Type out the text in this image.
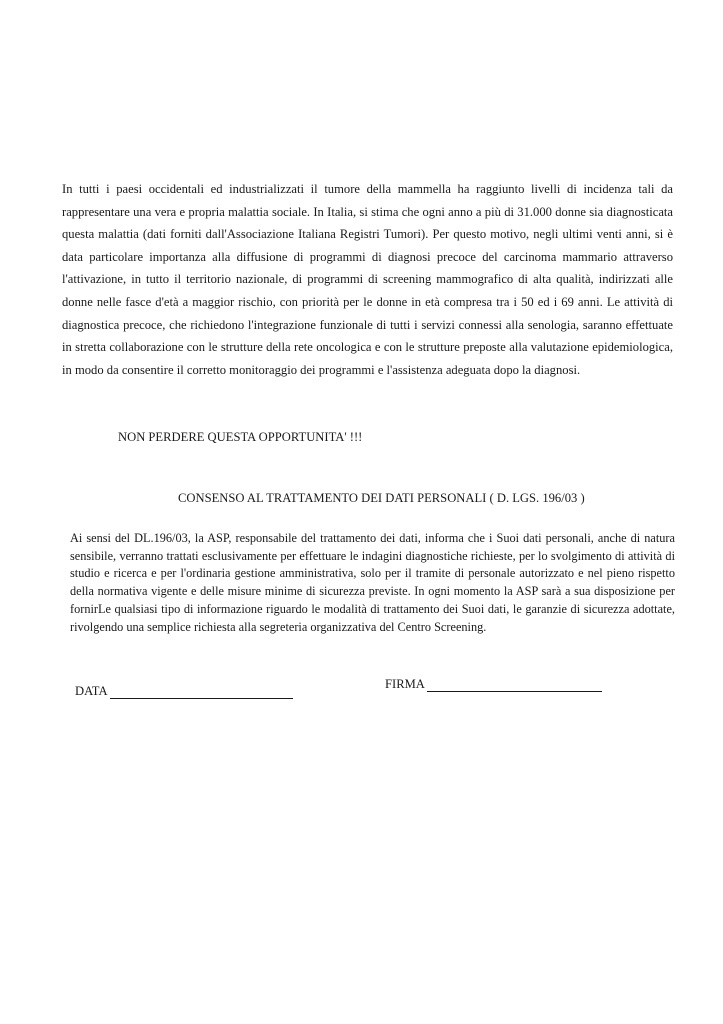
In tutti i paesi occidentali ed industrializzati il tumore della mammella ha raggiunto livelli di incidenza tali da rappresentare una vera e propria malattia sociale. In Italia, si stima che ogni anno a più di 31.000 donne sia diagnosticata questa malattia (dati forniti dall'Associazione Italiana Registri Tumori). Per questo motivo, negli ultimi venti anni, si è data particolare importanza alla diffusione di programmi di diagnosi precoce del carcinoma mammario attraverso l'attivazione, in tutto il territorio nazionale, di programmi di screening mammografico di alta qualità, indirizzati alle donne nelle fasce d'età a maggior rischio, con priorità per le donne in età compresa tra i 50 ed i 69 anni. Le attività di diagnostica precoce, che richiedono l'integrazione funzionale di tutti i servizi connessi alla senologia, saranno effettuate in stretta collaborazione con le strutture della rete oncologica e con le strutture preposte alla valutazione epidemiologica, in modo da consentire il corretto monitoraggio dei programmi e l'assistenza adeguata dopo la diagnosi.

NON PERDERE QUESTA OPPORTUNITA' !!!

CONSENSO AL TRATTAMENTO DEI DATI PERSONALI ( D. LGS. 196/03 )

Ai sensi del DL.196/03, la ASP, responsabile del trattamento dei dati, informa che i Suoi dati personali, anche di natura sensibile, verranno trattati esclusivamente per effettuare le indagini diagnostiche richieste, per lo svolgimento di attività di studio e ricerca e per l'ordinaria gestione amministrativa, solo per il tramite di personale autorizzato e nel pieno rispetto della normativa vigente e delle misure minime di sicurezza previste. In ogni momento la ASP sarà a sua disposizione per fornirLe qualsiasi tipo di informazione riguardo le modalità di trattamento dei Suoi dati, le garanzie di sicurezza adottate, rivolgendo una semplice richiesta alla segreteria organizzativa del Centro Screening.

DATA	FIRMA
